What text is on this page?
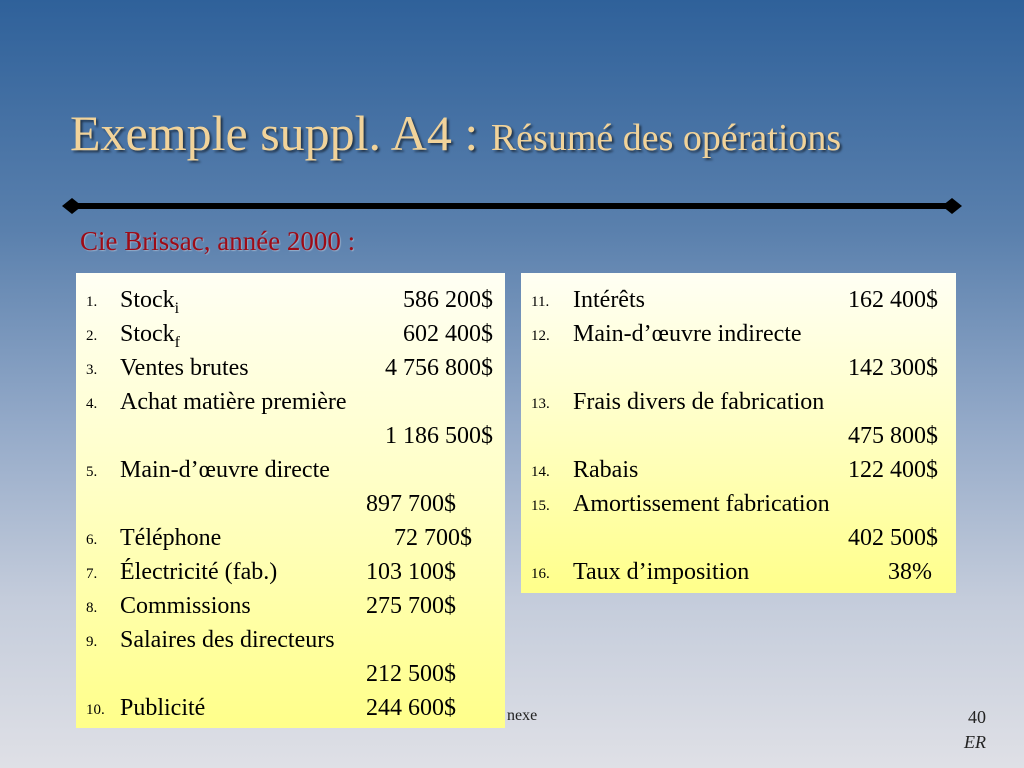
Exemple suppl. A4 : Résumé des opérations
Cie Brissac, année 2000 :
1. Stock$_i$	586 200$
2. Stock$_f$	602 400$
3. Ventes brutes	4 756 800$
4. Achat matière première
1 186 500$
5. Main-d’œuvre directe
897 700$
6. Téléphone	72 700$
7. Électricité (fab.)	103 100$
8. Commissions	275 700$
9. Salaires des directeurs
212 500$
10. Publicité	244 600$
11. Intérêts	162 400$
12. Main-d’œuvre indirecte
142 300$
13. Frais divers de fabrication
475 800$
14. Rabais	122 400$
15. Amortissement fabrication
402 500$
16. Taux d’imposition	38%
nexe	40
ER
